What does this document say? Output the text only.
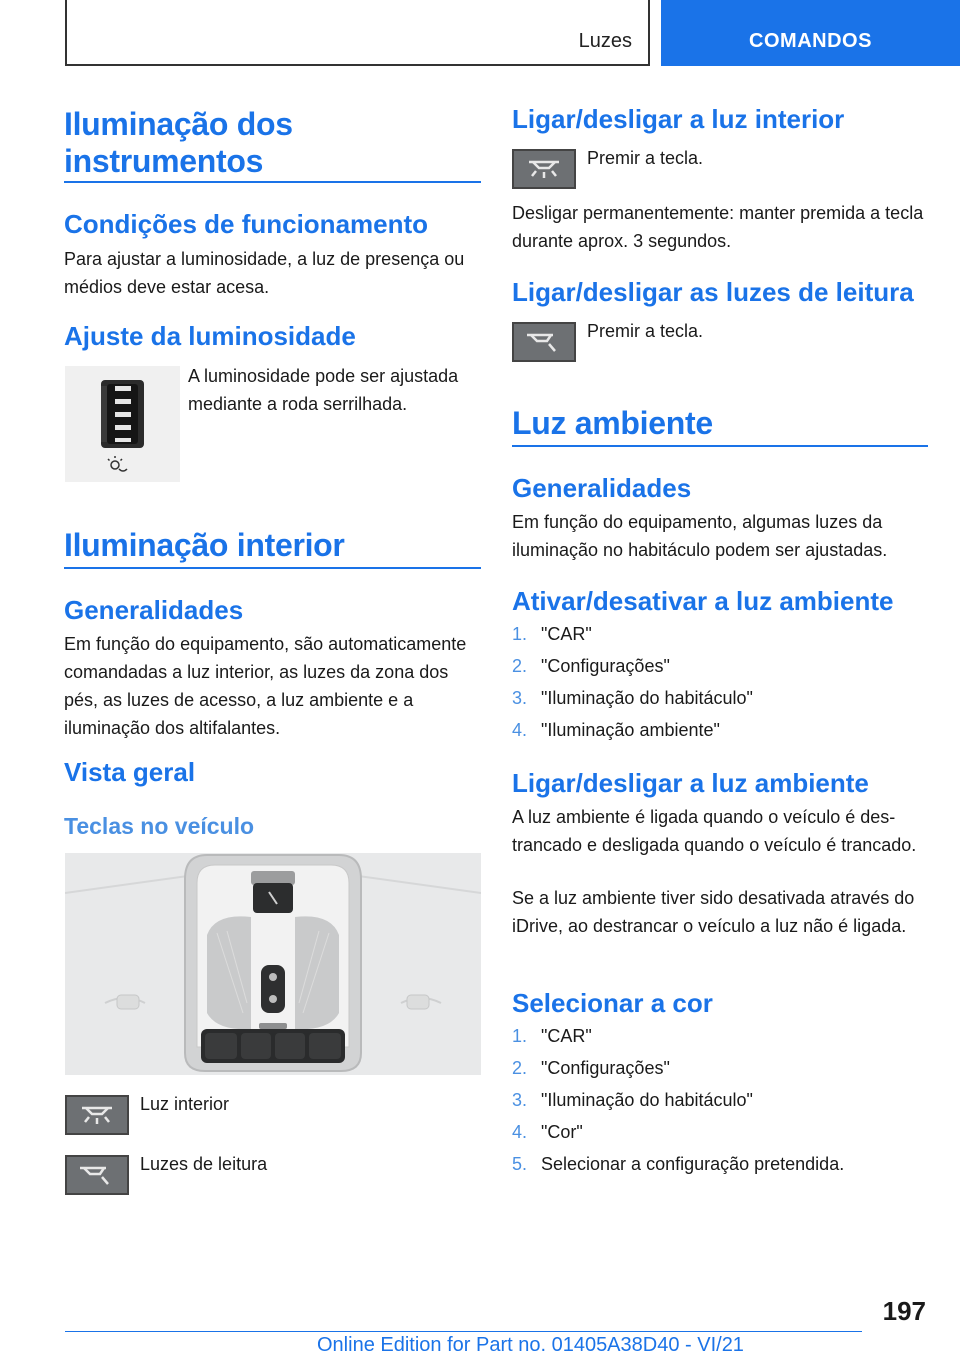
Luzes	COMANDOS
Iluminação dos instrumentos
Condições de funcionamento

Para ajustar a luminosidade, a luz de presença ou médios deve estar acesa.

Ajuste da luminosidade

A luminosidade pode ser ajustada mediante a roda serrilhada.

Iluminação interior
Generalidades

Em função do equipamento, são automaticamente comandadas a luz interior, as luzes da zona dos pés, as luzes de acesso, a luz ambiente e a iluminação dos altifalantes.

Vista geral
Teclas no veículo

Luz interior

Luzes de leitura

Ligar/desligar a luz interior

Premir a tecla.

Desligar permanentemente: manter premida a tecla durante aprox. 3 segundos.

Ligar/desligar as luzes de leitura

Premir a tecla.

Luz ambiente
Generalidades

Em função do equipamento, algumas luzes da iluminação no habitáculo podem ser ajustadas.

Ativar/desativar a luz ambiente
1. "CAR"
2. "Configurações"
3. "Iluminação do habitáculo"
4. "Iluminação ambiente"
Ligar/desligar a luz ambiente

A luz ambiente é ligada quando o veículo é destrancado e desligada quando o veículo é trancado.

Se a luz ambiente tiver sido desativada através do iDrive, ao destrancar o veículo a luz não é ligada.

Selecionar a cor
1. "CAR"
2. "Configurações"
3. "Iluminação do habitáculo"
4. "Cor"
5. Selecionar a configuração pretendida.
197
Online Edition for Part no. 01405A38D40 - VI/21
